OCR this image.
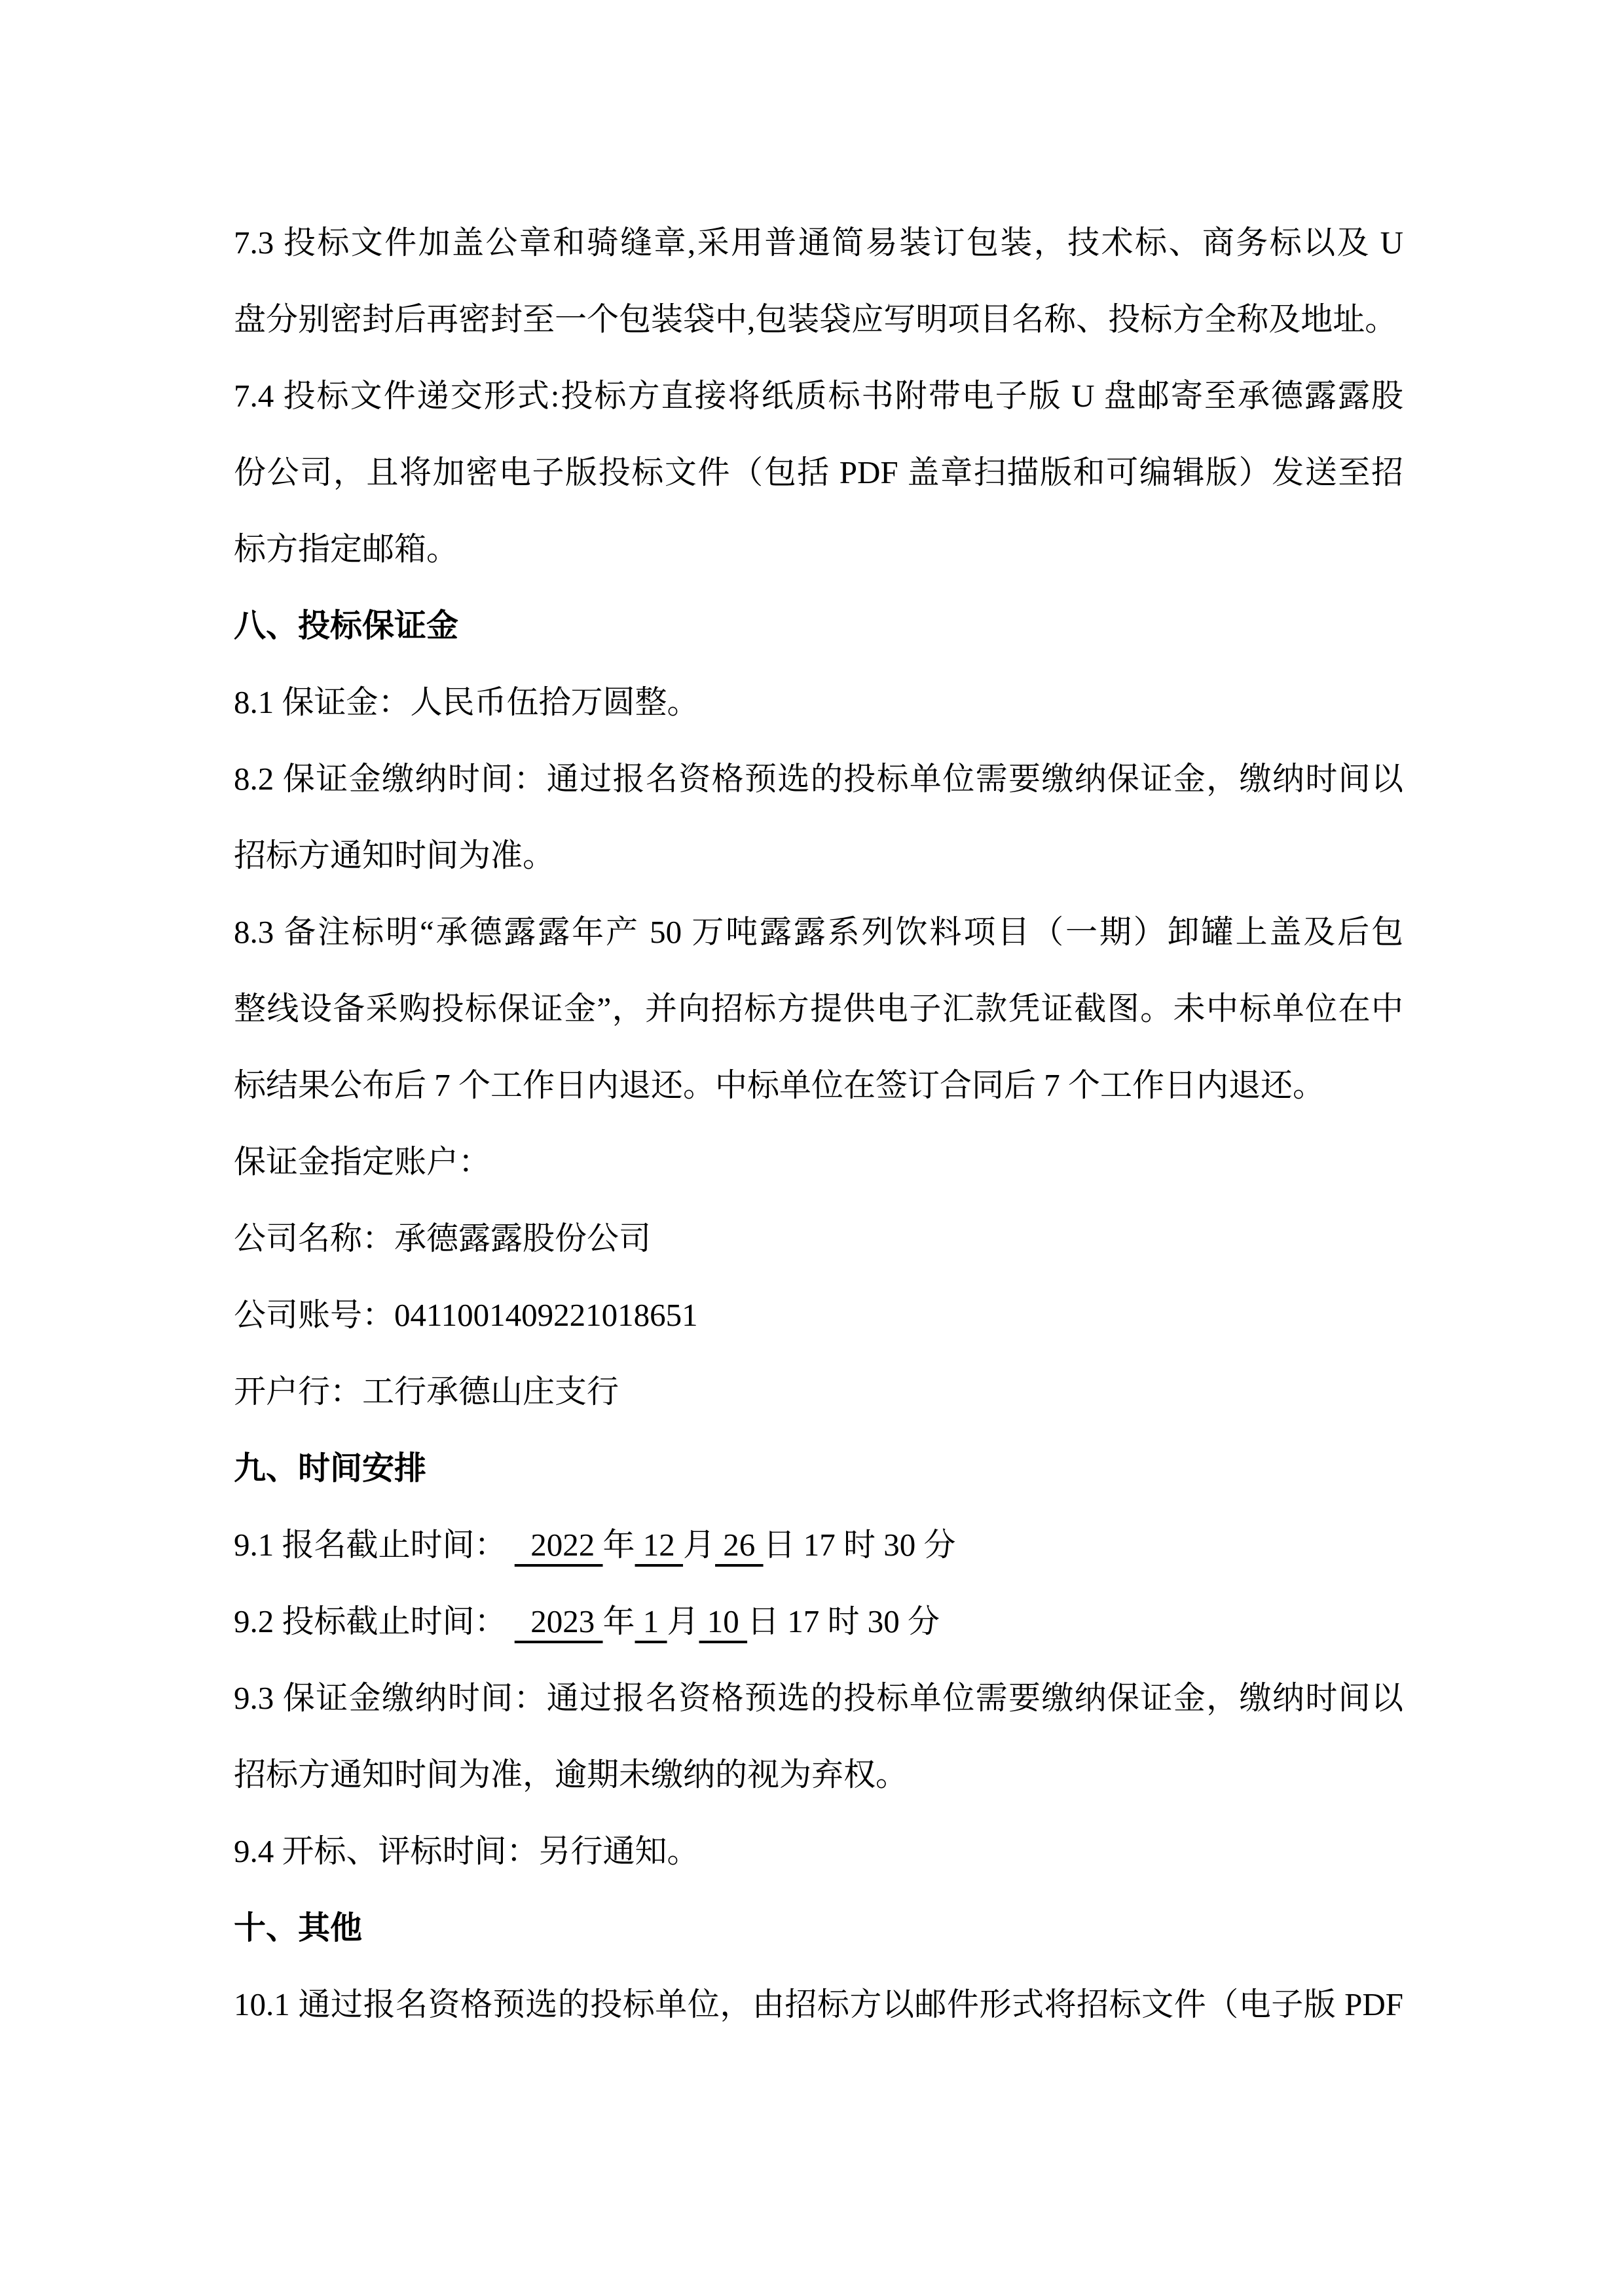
7.3 投标文件加盖公章和骑缝章,采用普通简易装订包装，技术标、商务标以及 U
盘分别密封后再密封至一个包装袋中,包装袋应写明项目名称、投标方全称及地址。
7.4 投标文件递交形式:投标方直接将纸质标书附带电子版 U 盘邮寄至承德露露股
份公司，且将加密电子版投标文件（包括 PDF 盖章扫描版和可编辑版）发送至招
标方指定邮箱。
八、投标保证金
8.1 保证金：人民币伍拾万圆整。
8.2 保证金缴纳时间：通过报名资格预选的投标单位需要缴纳保证金，缴纳时间以
招标方通知时间为准。
8.3 备注标明“承德露露年产 50 万吨露露系列饮料项目（一期）卸罐上盖及后包
整线设备采购投标保证金”，并向招标方提供电子汇款凭证截图。未中标单位在中
标结果公布后 7 个工作日内退还。中标单位在签订合同后 7 个工作日内退还。
保证金指定账户：
公司名称：承德露露股份公司
公司账号：0411001409221018651
开户行：工行承德山庄支行
九、时间安排
9.1 报名截止时间：   2022 年 12 月 26 日 17 时 30 分
9.2 投标截止时间：   2023 年 1 月 10 日 17 时 30 分
9.3 保证金缴纳时间：通过报名资格预选的投标单位需要缴纳保证金，缴纳时间以
招标方通知时间为准，逾期未缴纳的视为弃权。
9.4 开标、评标时间：另行通知。
十、其他
10.1 通过报名资格预选的投标单位，由招标方以邮件形式将招标文件（电子版 PDF
